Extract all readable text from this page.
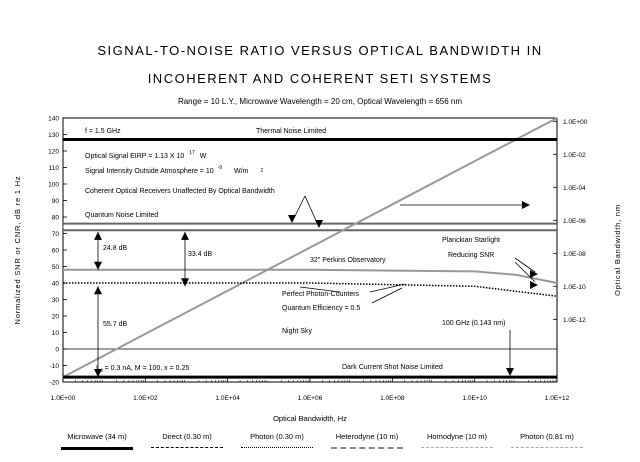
SIGNAL-TO-NOISE RATIO VERSUS OPTICAL BANDWIDTH IN
INCOHERENT AND COHERENT SETI SYSTEMS
Range = 10 L.Y., Microwave Wavelength = 20 cm, Optical Wavelength = 656 nm
140
130
120
110
100
90
80
70
60
50
40
30
20
10
0
-10
-20
1.0E+00	1.0E+02	1.0E+04	1.0E+06	1.0E+08	1.0E+10	1.0E+12
1.0E+00
1.0E-02
1.0E-04
1.0E-06
1.0E-08
1.0E-10
1.0E-12
f = 1.5 GHz	Thermal Noise Limited
Optical Signal EIRP = 1.13 X 10 $^{17}$ W
Signal Intensity Outside Atmosphere = 10 $^{-9}$ W/m 2
Coherent Optical Receivers Unaffected By Optical Bandwidth
Quantum Noise Limited
24.8 dB
33.4 dB
55.7 dB
32" Perkins Observatory
Planckian Starlight
Reducing SNR
Perfect Photon-Counters
Quantum Efficiency = 0.5
Night Sky
100 GHz (0.143 nm)
I $_d$ = 0.3 nA, M = 100, x = 0.25	Dark Current Shot Noise Limited
Optical Bandwidth, Hz
Normalized SNR or CNR, dB re 1 Hz	Optical Bandwidth, nm
Microwave (34 m)	Direct (0.30 m)	Photon (0.30 m)	Heterodyne (10 m)	Homodyne (10 m)	Photon (0.81 m)
